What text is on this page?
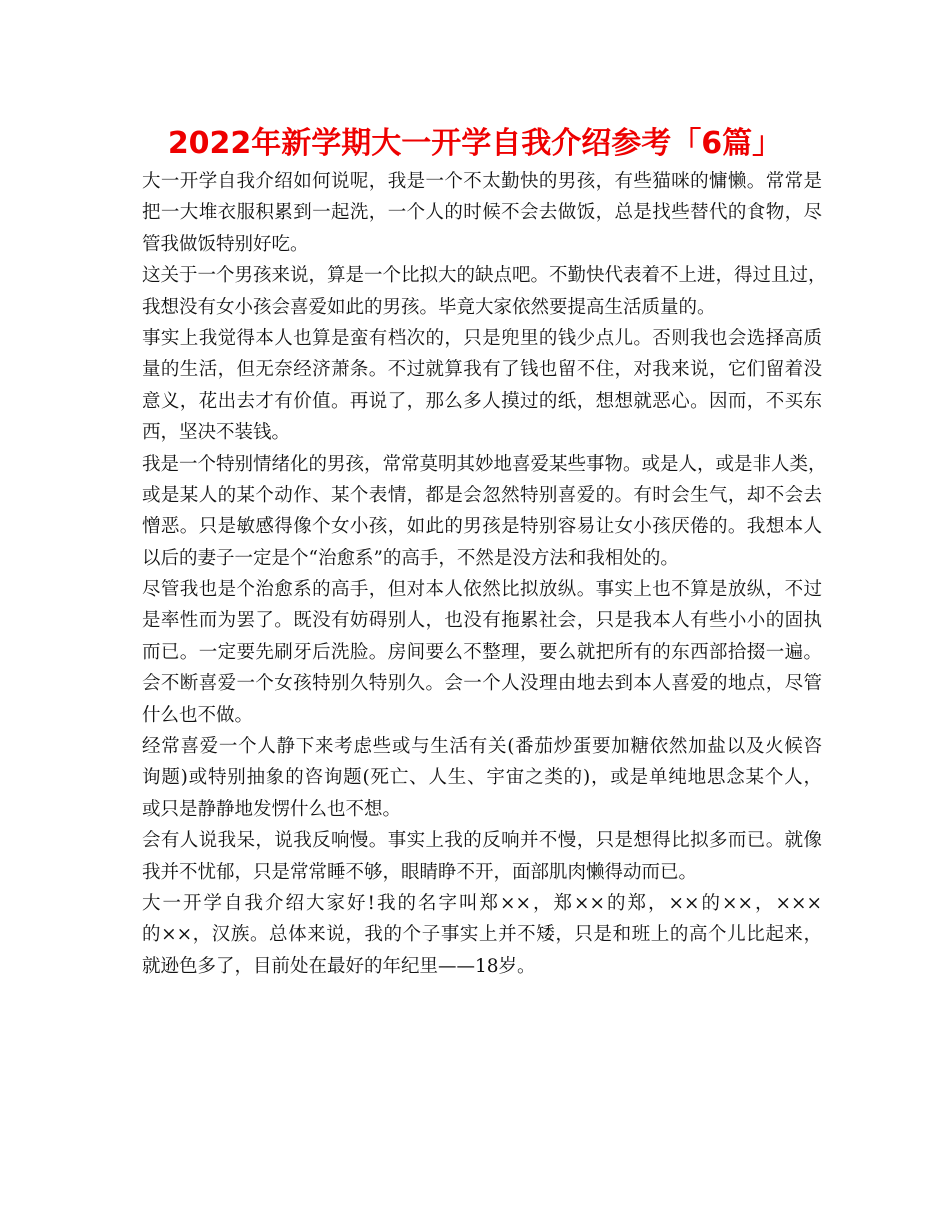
2022年新学期大一开学自我介绍参考「6篇」
大一开学自我介绍如何说呢，我是一个不太勤快的男孩，有些猫咪的慵懒。常常是
把一大堆衣服积累到一起洗，一个人的时候不会去做饭，总是找些替代的食物，尽
管我做饭特别好吃。
这关于一个男孩来说，算是一个比拟大的缺点吧。不勤快代表着不上进，得过且过，
我想没有女小孩会喜爱如此的男孩。毕竟大家依然要提高生活质量的。
事实上我觉得本人也算是蛮有档次的，只是兜里的钱少点儿。否则我也会选择高质
量的生活，但无奈经济萧条。不过就算我有了钱也留不住，对我来说，它们留着没
意义，花出去才有价值。再说了，那么多人摸过的纸，想想就恶心。因而，不买东
西，坚决不装钱。
我是一个特别情绪化的男孩，常常莫明其妙地喜爱某些事物。或是人，或是非人类，
或是某人的某个动作、某个表情，都是会忽然特别喜爱的。有时会生气，却不会去
憎恶。只是敏感得像个女小孩，如此的男孩是特别容易让女小孩厌倦的。我想本人
以后的妻子一定是个“治愈系”的高手，不然是没方法和我相处的。
尽管我也是个治愈系的高手，但对本人依然比拟放纵。事实上也不算是放纵，不过
是率性而为罢了。既没有妨碍别人，也没有拖累社会，只是我本人有些小小的固执
而已。一定要先刷牙后洗脸。房间要么不整理，要么就把所有的东西部拾掇一遍。
会不断喜爱一个女孩特别久特别久。会一个人没理由地去到本人喜爱的地点，尽管
什么也不做。
经常喜爱一个人静下来考虑些或与生活有关(番茄炒蛋要加糖依然加盐以及火候咨
询题)或特别抽象的咨询题(死亡、人生、宇宙之类的)，或是单纯地思念某个人，
或只是静静地发愣什么也不想。
会有人说我呆，说我反响慢。事实上我的反响并不慢，只是想得比拟多而已。就像
我并不忧郁，只是常常睡不够，眼睛睁不开，面部肌肉懒得动而已。
大一开学自我介绍大家好!我的名字叫郑××，郑××的郑，××的××，×××
的××，汉族。总体来说，我的个子事实上并不矮，只是和班上的高个儿比起来，
就逊色多了，目前处在最好的年纪里——18岁。
